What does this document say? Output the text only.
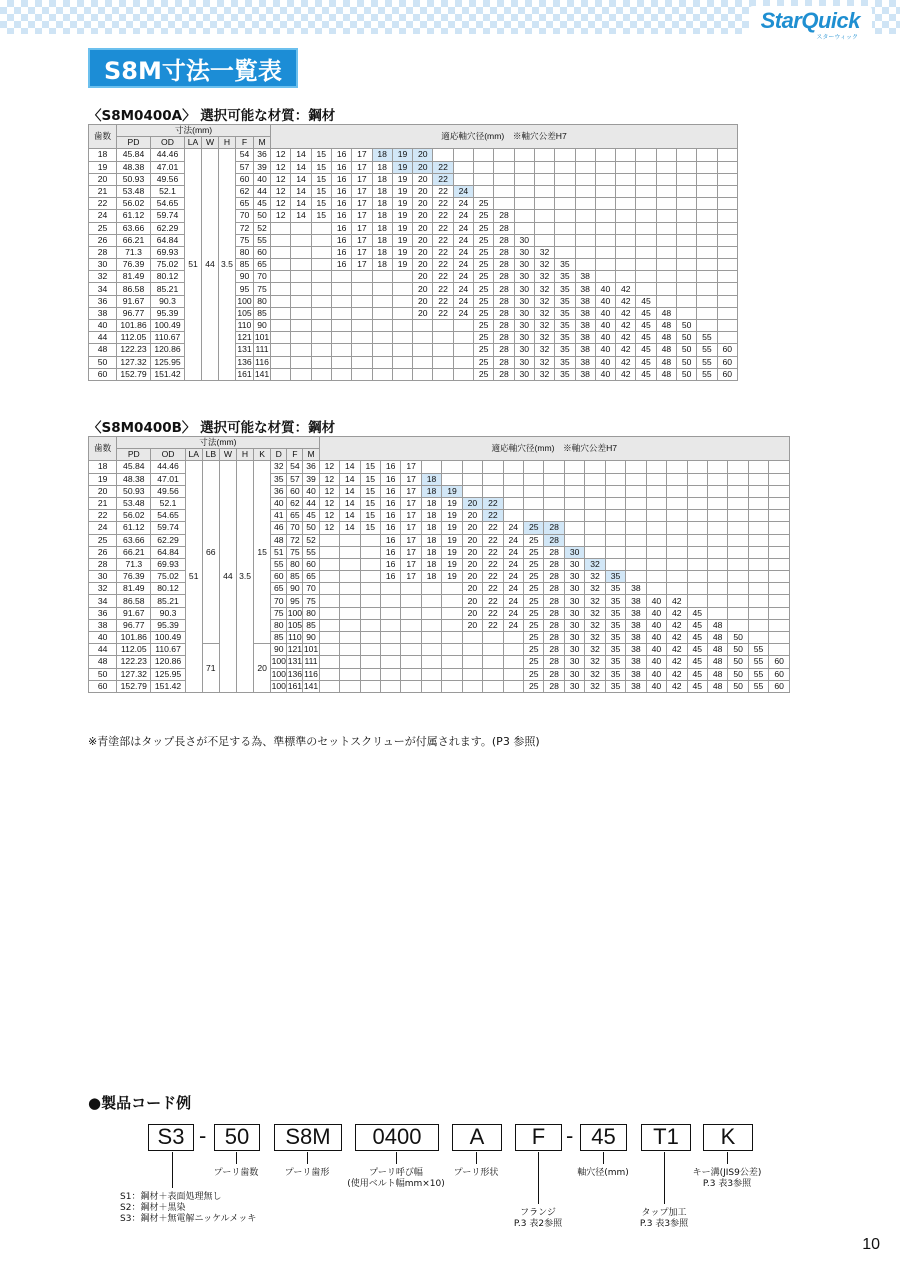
StarQuick
スターウィック
S8M寸法一覧表
〈S8M0400A〉 選択可能な材質：鋼材
歯数	寸法(mm)							適応軸穴径(mm)　※軸穴公差H7																						
	PD	OD	LA	W	H	F	M																							
18	45.84	44.46	51	44	3.5	54	36	12	14	15	16	17	18	19	20															
19	48.38	47.01				57	39	12	14	15	16	17	18	19	20	22														
20	50.93	49.56				60	40	12	14	15	16	17	18	19	20	22														
21	53.48	52.1				62	44	12	14	15	16	17	18	19	20	22	24													
22	56.02	54.65				65	45	12	14	15	16	17	18	19	20	22	24	25												
24	61.12	59.74				70	50	12	14	15	16	17	18	19	20	22	24	25	28											
25	63.66	62.29				72	52				16	17	18	19	20	22	24	25	28											
26	66.21	64.84				75	55				16	17	18	19	20	22	24	25	28	30										
28	71.3	69.93				80	60				16	17	18	19	20	22	24	25	28	30	32									
30	76.39	75.02				85	65				16	17	18	19	20	22	24	25	28	30	32	35								
32	81.49	80.12				90	70								20	22	24	25	28	30	32	35	38							
34	86.58	85.21				95	75								20	22	24	25	28	30	32	35	38	40	42					
36	91.67	90.3				100	80								20	22	24	25	28	30	32	35	38	40	42	45				
38	96.77	95.39				105	85								20	22	24	25	28	30	32	35	38	40	42	45	48			
40	101.86	100.49				110	90											25	28	30	32	35	38	40	42	45	48	50		
44	112.05	110.67				121	101											25	28	30	32	35	38	40	42	45	48	50	55	
48	122.23	120.86				131	111											25	28	30	32	35	38	40	42	45	48	50	55	60
50	127.32	125.95				136	116											25	28	30	32	35	38	40	42	45	48	50	55	60
60	152.79	151.42				161	141											25	28	30	32	35	38	40	42	45	48	50	55	60
〈S8M0400B〉 選択可能な材質：鋼材
歯数	寸法(mm)										適応軸穴径(mm)　※軸穴公差H7																						
	PD	OD	LA	LB	W	H	K	D	F	M																							
18	45.84	44.46	51	66	44	3.5	15	32	54	36	12	14	15	16	17																		
19	48.38	47.01						35	57	39	12	14	15	16	17	18																	
20	50.93	49.56						36	60	40	12	14	15	16	17	18	19																
21	53.48	52.1						40	62	44	12	14	15	16	17	18	19	20	22														
22	56.02	54.65						41	65	45	12	14	15	16	17	18	19	20	22														
24	61.12	59.74						46	70	50	12	14	15	16	17	18	19	20	22	24	25	28											
25	63.66	62.29						48	72	52				16	17	18	19	20	22	24	25	28											
26	66.21	64.84						51	75	55				16	17	18	19	20	22	24	25	28	30										
28	71.3	69.93						55	80	60				16	17	18	19	20	22	24	25	28	30	32									
30	76.39	75.02						60	85	65				16	17	18	19	20	22	24	25	28	30	32	35								
32	81.49	80.12						65	90	70								20	22	24	25	28	30	32	35	38							
34	86.58	85.21						70	95	75								20	22	24	25	28	30	32	35	38	40	42					
36	91.67	90.3						75	100	80								20	22	24	25	28	30	32	35	38	40	42	45				
38	96.77	95.39						80	105	85								20	22	24	25	28	30	32	35	38	40	42	45	48			
40	101.86	100.49						85	110	90											25	28	30	32	35	38	40	42	45	48	50		
44	112.05	110.67		71			20	90	121	101											25	28	30	32	35	38	40	42	45	48	50	55	
48	122.23	120.86						100	131	111											25	28	30	32	35	38	40	42	45	48	50	55	60
50	127.32	125.95						100	136	116											25	28	30	32	35	38	40	42	45	48	50	55	60
60	152.79	151.42						100	161	141											25	28	30	32	35	38	40	42	45	48	50	55	60
※青塗部はタップ長さが不足する為、準標準のセットスクリューが付属されます。(P3 参照)
●製品コード例
S3 - 50	S8M	0400	A	F - 45	T1	K
プーリ歯数	プーリ歯形	プーリ呼び幅
(使用ベルト幅mm×10)
プーリ形状	軸穴径(mm)	キー溝(JIS9公差)
P.3 表3参照
フランジ
P.3 表2参照
タップ加工
P.3 表3参照
S1：鋼材＋表面処理無し
S2：鋼材＋黒染
S3：鋼材＋無電解ニッケルメッキ
10
